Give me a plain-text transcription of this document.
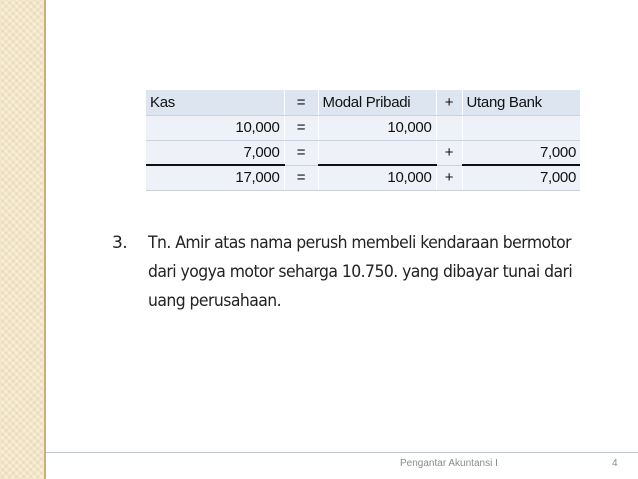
Kas	=	Modal Pribadi	+	Utang Bank
10,000	=	10,000		
7,000	=		+	7,000
17,000	=	10,000	+	7,000
3. Tn. Amir atas nama perush membeli kendaraan bermotor dari yogya motor seharga 10.750. yang dibayar tunai dari uang perusahaan.
Pengantar Akuntansi I	4
